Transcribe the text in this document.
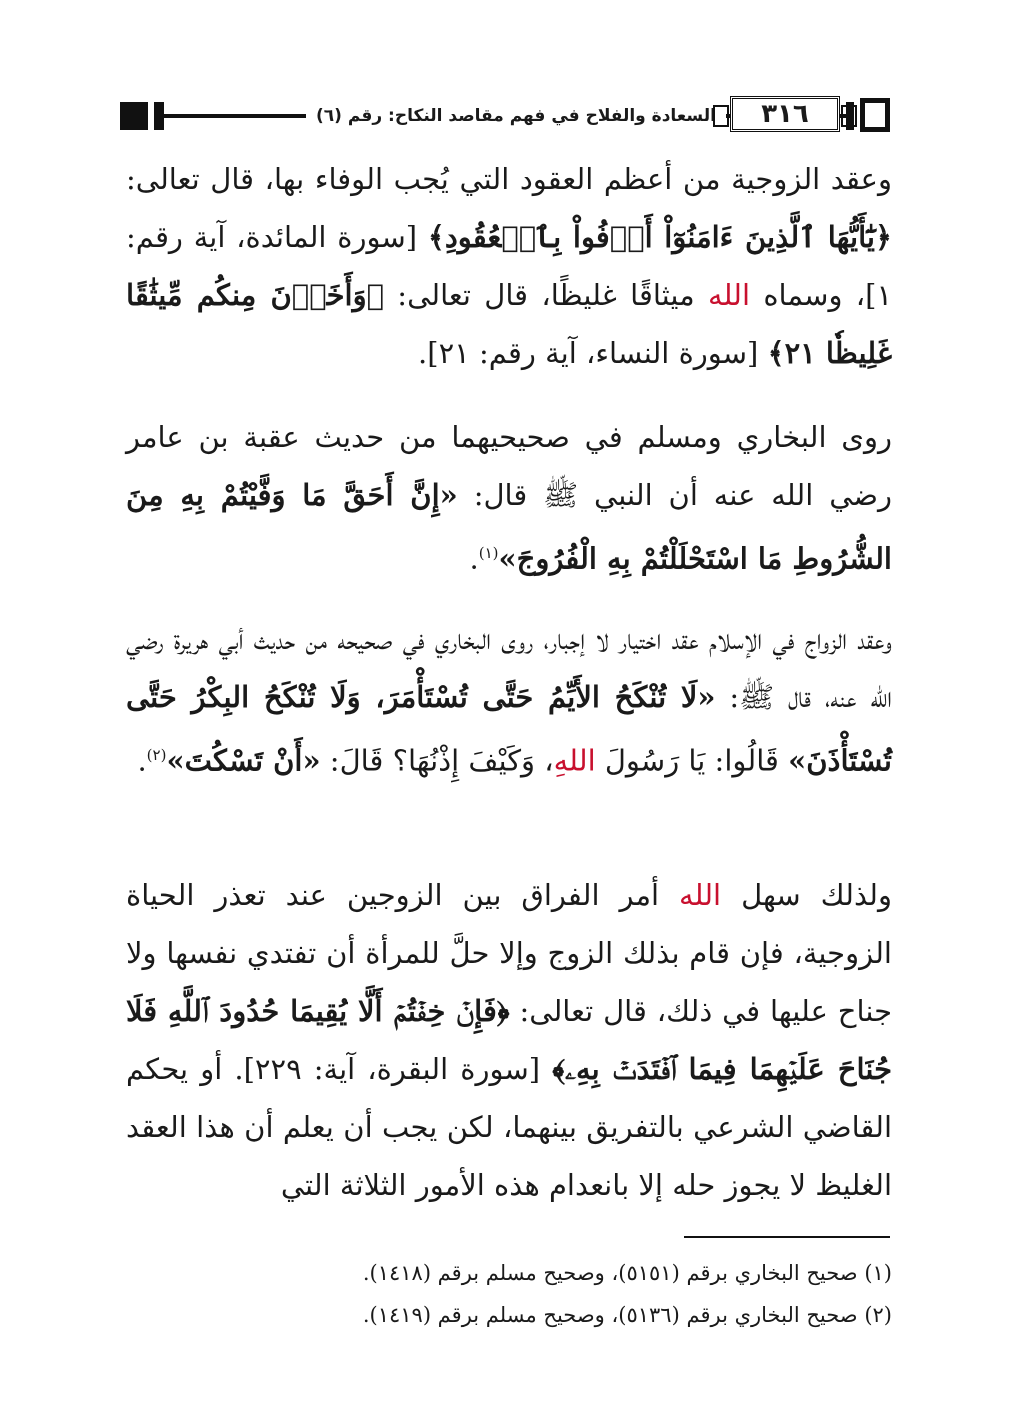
السعادة والفلاح في فهم مقاصد النكاح: رقم (٦)	٣١٦
وعقد الزوجية من أعظم العقود التي يُجب الوفاء بها، قال تعالى: ﴿يَٰٓأَيُّهَا ٱلَّذِينَ ءَامَنُوٓاْ أَوۡفُواْ بِٱلۡعُقُودِ﴾ [سورة المائدة، آية رقم: ١]، وسماه الله ميثاقًا غليظًا، قال تعالى: ﴿وَأَخَذۡنَ مِنكُم مِّيثَٰقًا غَلِيظٗا ٢١﴾ [سورة النساء، آية رقم: ٢١].
روى البخاري ومسلم في صحيحيهما من حديث عقبة بن عامر رضي الله عنه أن النبي ﷺ قال: «إِنَّ أَحَقَّ مَا وَفَّيْتُمْ بِهِ مِنَ الشُّرُوطِ مَا اسْتَحْلَلْتُمْ بِهِ الْفُرُوجَ»$^{(١)}$.
وعقد الزواج في الإسلام عقد اختيار لا إجبار، روى البخاري في صحيحه من حديث أبي هريرة رضي الله عنه، قال ﷺ: «لَا تُنْكَحُ الأَيِّمُ حَتَّى تُسْتَأْمَرَ، وَلَا تُنْكَحُ البِكْرُ حَتَّى تُسْتَأْذَنَ» قَالُوا: يَا رَسُولَ اللهِ، وَكَيْفَ إِذْنُهَا؟ قَالَ: «أَنْ تَسْكُتَ»$^{(٢)}$.
ولذلك سهل الله أمر الفراق بين الزوجين عند تعذر الحياة الزوجية، فإن قام بذلك الزوج وإلا حلَّ للمرأة أن تفتدي نفسها ولا جناح عليها في ذلك، قال تعالى: ﴿فَإِنۡ خِفۡتُمۡ أَلَّا يُقِيمَا حُدُودَ ٱللَّهِ فَلَا جُنَاحَ عَلَيۡهِمَا فِيمَا ٱفۡتَدَتۡ بِهِۦ﴾ [سورة البقرة، آية: ٢٢٩]. أو يحكم القاضي الشرعي بالتفريق بينهما، لكن يجب أن يعلم أن هذا العقد الغليظ لا يجوز حله إلا بانعدام هذه الأمور الثلاثة التي
(١) صحيح البخاري برقم (٥١٥١)، وصحيح مسلم برقم (١٤١٨).
(٢) صحيح البخاري برقم (٥١٣٦)، وصحيح مسلم برقم (١٤١٩).
